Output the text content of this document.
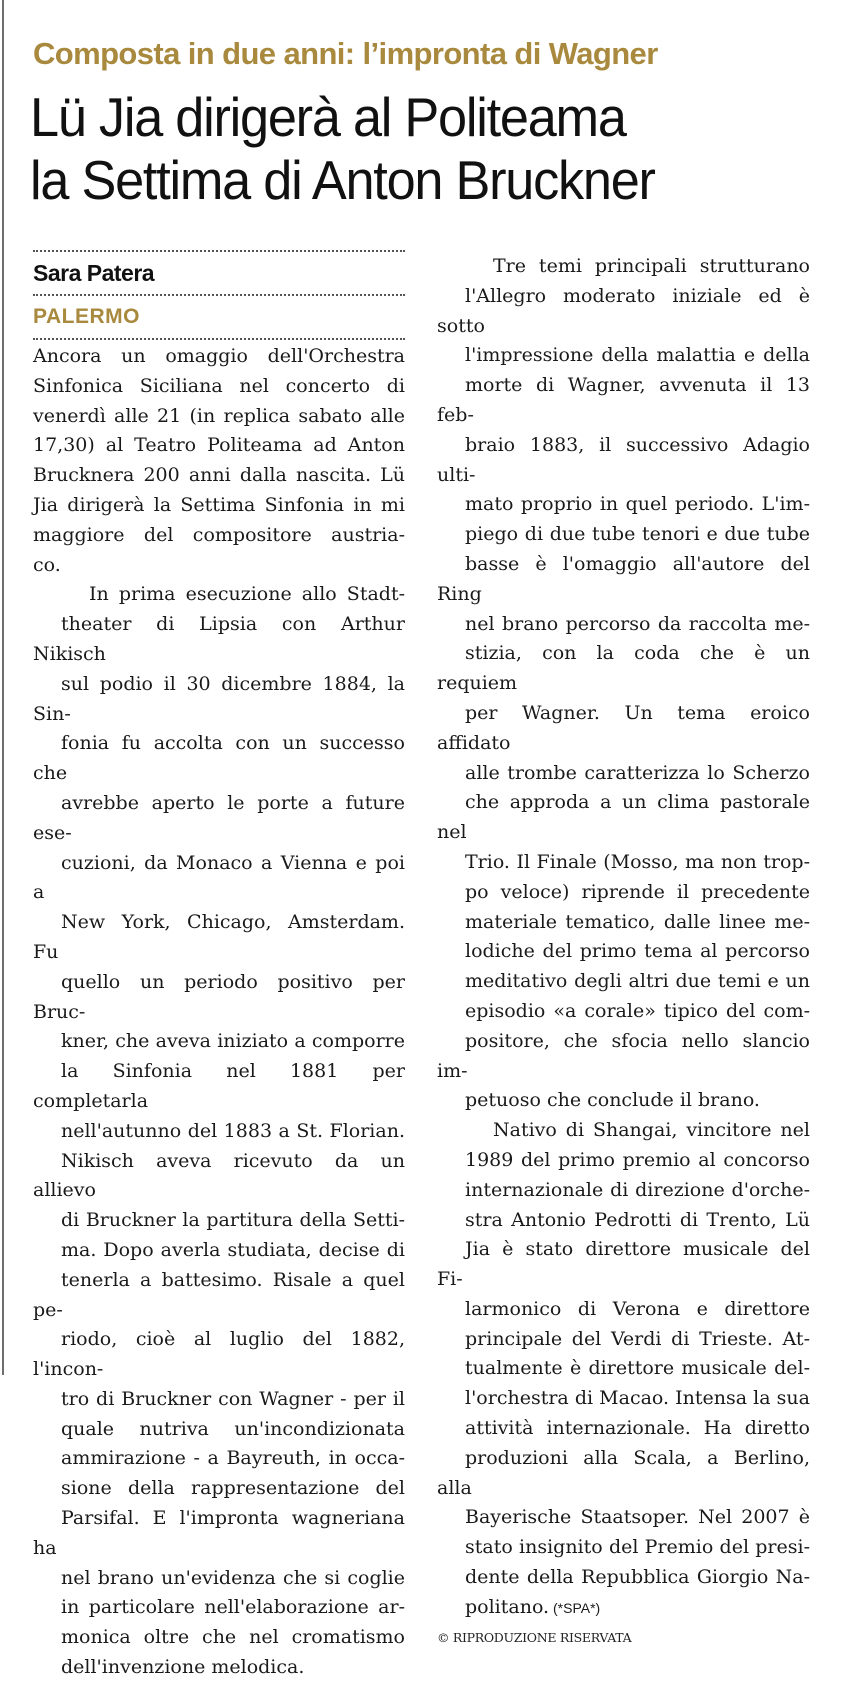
Composta in due anni: l’impronta di Wagner
Lü Jia dirigerà al Politeama
la Settima di Anton Bruckner
Sara Patera
PALERMO
Ancora un omaggio dell'Orchestra
Sinfonica Siciliana nel concerto di
venerdì alle 21 (in replica sabato alle
17,30) al Teatro Politeama ad Anton
Brucknera 200 anni dalla nascita. Lü
Jia dirigerà la Settima Sinfonia in mi
maggiore del compositore austria-
co.
In prima esecuzione allo Stadt-
theater di Lipsia con Arthur Nikisch
sul podio il 30 dicembre 1884, la Sin-
fonia fu accolta con un successo che
avrebbe aperto le porte a future ese-
cuzioni, da Monaco a Vienna e poi a
New York, Chicago, Amsterdam. Fu
quello un periodo positivo per Bruc-
kner, che aveva iniziato a comporre
la Sinfonia nel 1881 per completarla
nell'autunno del 1883 a St. Florian.
Nikisch aveva ricevuto da un allievo
di Bruckner la partitura della Setti-
ma. Dopo averla studiata, decise di
tenerla a battesimo. Risale a quel pe-
riodo, cioè al luglio del 1882, l'incon-
tro di Bruckner con Wagner - per il
quale nutriva un'incondizionata
ammirazione - a Bayreuth, in occa-
sione della rappresentazione del
Parsifal. E l'impronta wagneriana ha
nel brano un'evidenza che si coglie
in particolare nell'elaborazione ar-
monica oltre che nel cromatismo
dell'invenzione melodica.
Tre temi principali strutturano
l'Allegro moderato iniziale ed è sotto
l'impressione della malattia e della
morte di Wagner, avvenuta il 13 feb-
braio 1883, il successivo Adagio ulti-
mato proprio in quel periodo. L'im-
piego di due tube tenori e due tube
basse è l'omaggio all'autore del Ring
nel brano percorso da raccolta me-
stizia, con la coda che è un requiem
per Wagner. Un tema eroico affidato
alle trombe caratterizza lo Scherzo
che approda a un clima pastorale nel
Trio. Il Finale (Mosso, ma non trop-
po veloce) riprende il precedente
materiale tematico, dalle linee me-
lodiche del primo tema al percorso
meditativo degli altri due temi e un
episodio «a corale» tipico del com-
positore, che sfocia nello slancio im-
petuoso che conclude il brano.
Nativo di Shangai, vincitore nel
1989 del primo premio al concorso
internazionale di direzione d'orche-
stra Antonio Pedrotti di Trento, Lü
Jia è stato direttore musicale del Fi-
larmonico di Verona e direttore
principale del Verdi di Trieste. At-
tualmente è direttore musicale del-
l'orchestra di Macao. Intensa la sua
attività internazionale. Ha diretto
produzioni alla Scala, a Berlino, alla
Bayerische Staatsoper. Nel 2007 è
stato insignito del Premio del presi-
dente della Repubblica Giorgio Na-
politano. (*SPA*)
© RIPRODUZIONE RISERVATA
